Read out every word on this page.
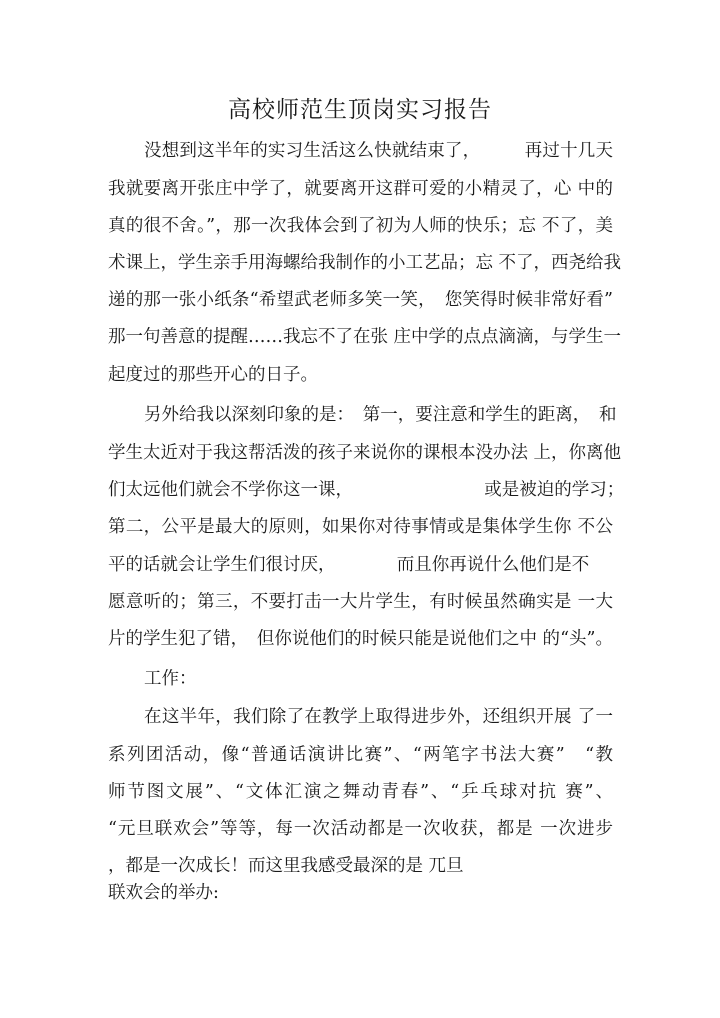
高校师范生顶岗实习报告
没想到这半年的实习生活这么快就结束了，　　　再过十几天
我就要离开张庄中学了，就要离开这群可爱的小精灵了，心 中的
真的很不舍。”，那一次我体会到了初为人师的快乐；忘 不了，美
术课上，学生亲手用海螺给我制作的小工艺品；忘 不了，西尧给我
递的那一张小纸条“希望武老师多笑一笑，　您笑得时候非常好看”
那一句善意的提醒……我忘不了在张 庄中学的点点滴滴，与学生一
起度过的那些开心的日子。
另外给我以深刻印象的是：　第一，要注意和学生的距离，　和
学生太近对于我这帮活泼的孩子来说你的课根本没办法 上，你离他
们太远他们就会不学你这一课，　　　　　　　　或是被迫的学习；
第二，公平是最大的原则，如果你对待事情或是集体学生你 不公
平的话就会让学生们很讨厌，　　　　而且你再说什么他们是不
愿意听的；第三，不要打击一大片学生，有时候虽然确实是 一大
片的学生犯了错，　但你说他们的时候只能是说他们之中 的“头”。
工作：
在这半年，我们除了在教学上取得进步外，还组织开展 了一
系列团活动，像“普通话演讲比赛”、“两笔字书法大赛”　“教
师节图文展”、“文体汇演之舞动青春”、“乒乓球对抗 赛”、
“元旦联欢会”等等，每一次活动都是一次收获，都是 一次进步
，都是一次成长！而这里我感受最深的是 兀旦
联欢会的举办:
